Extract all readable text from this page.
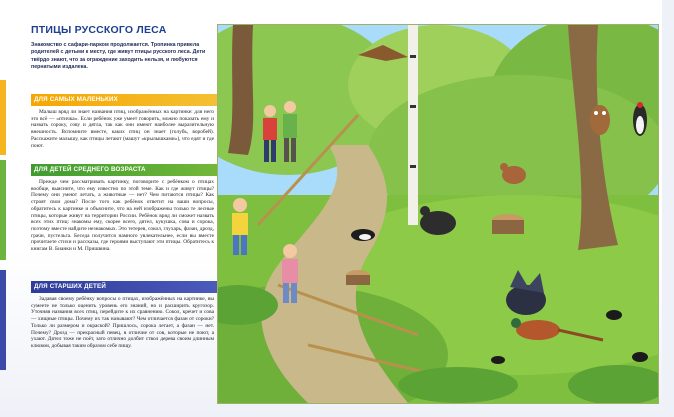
ПТИЦЫ РУССКОГО ЛЕСА

Знакомство с сафари-парком продолжается. Тропинка привела родителей с детьми к месту, где живут птицы русского леса. Дети твёрдо знают, что за ограждение заходить нельзя, и любуются пернатыми издалека.

ДЛЯ САМЫХ МАЛЕНЬКИХ

Малыш вряд ли знает названия птиц, изображённых на картинке: для него это всё — «птичка». Если ребёнок уже умеет говорить, можно показать ему и назвать сороку, сову и дятла, так как они имеют наиболее выразительную внешность. Вспомните вместе, каких птиц он знает (голубь, воробей). Расскажите малышу, как птицы летают (машут «крылышками»), что едят и где поют.

ДЛЯ ДЕТЕЙ СРЕДНЕГО ВОЗРАСТА

Прежде чем рассматривать картинку, поговорите с ребёнком о птицах вообще, выясните, что ему известно по этой теме. Как и где живут птицы? Почему они умеют летать, а животные — нет? Чем питаются птицы? Как строят свои дома? После того как ребёнок ответит на ваши вопросы, обратитесь к картинке и объясните, что на ней изображены только те лесные птицы, которые живут на территории России. Ребёнок вряд ли сможет назвать всех этих птиц: знакомы ему, скорее всего, дятел, кукушка, сова и сорока, поэтому вместе найдите незнакомых. Это тетерев, сокол, глухарь, фазан, дрозд, грачи, пустельга. Беседа получится намного увлекательнее, если вы вместе прочитаете стихи и рассказы, где героями выступают эти птицы. Обратитесь к книгам В. Бианки и М. Пришвина.

ДЛЯ СТАРШИХ ДЕТЕЙ

Задавая своему ребёнку вопросы о птицах, изображённых на картинке, вы сумеете не только оценить уровень его знаний, но и расширить кругозор. Уточняя названия всех птиц, перейдите к их сравнению. Сокол, кречет и сова — хищные птицы. Почему их так называют? Чем отличается фазан от сороки? Только ли размером и окраской? Пришлось, сорока летает, а фазан — нет. Почему? Дрозд — прекрасный певец, в отличие от сов, которые не поют, а ухают. Дятел тоже не поёт, зато отлично долбит ствол дерева своим длинным клювом, добывая таким образом себе пищу.
